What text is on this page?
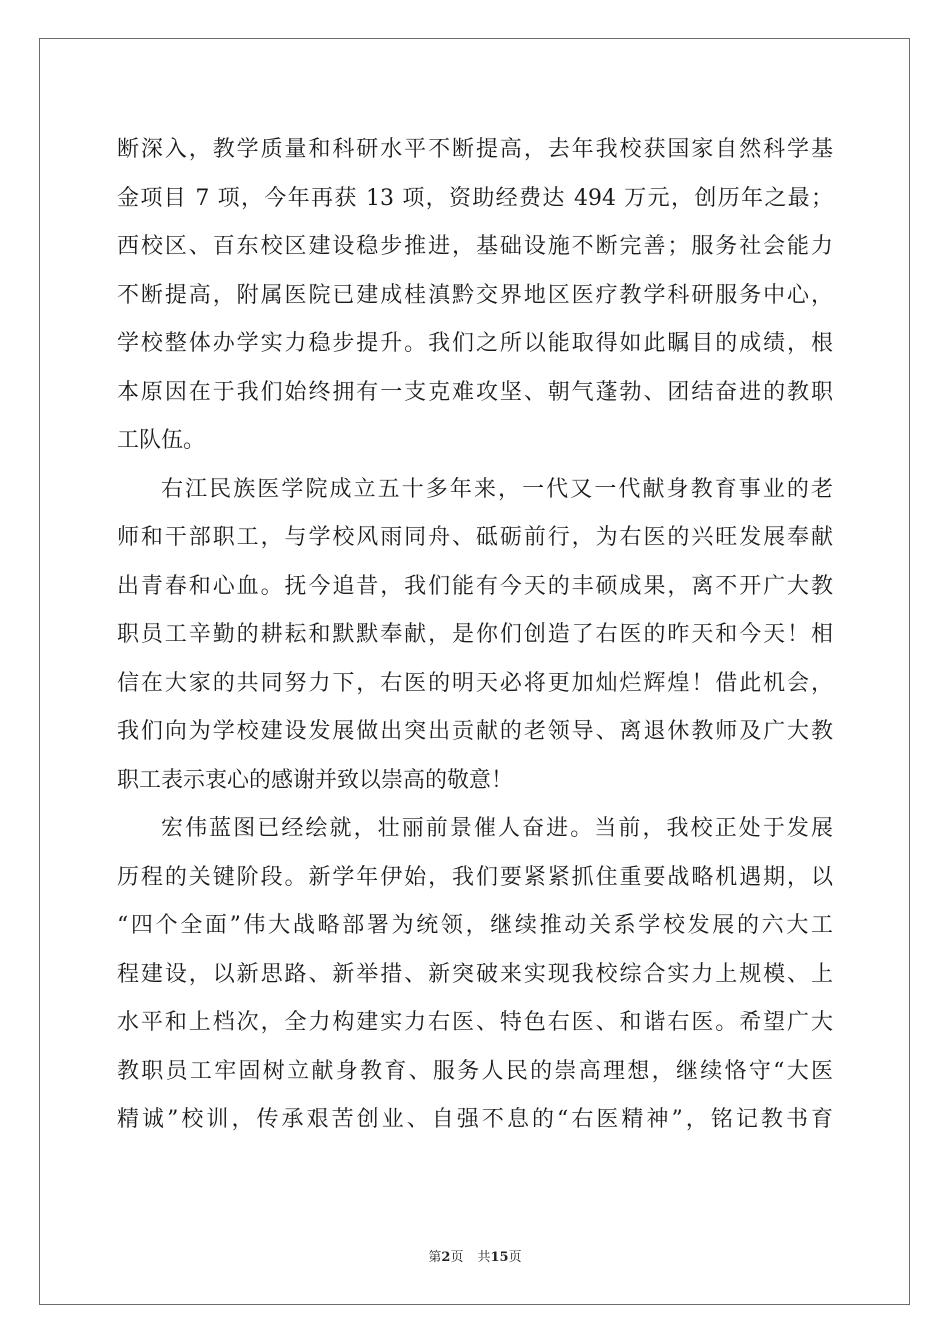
断深入，教学质量和科研水平不断提高，去年我校获国家自然科学基
金项目 7 项，今年再获 13 项，资助经费达 494 万元，创历年之最；
西校区、百东校区建设稳步推进，基础设施不断完善；服务社会能力
不断提高，附属医院已建成桂滇黔交界地区医疗教学科研服务中心，
学校整体办学实力稳步提升。我们之所以能取得如此瞩目的成绩，根
本原因在于我们始终拥有一支克难攻坚、朝气蓬勃、团结奋进的教职
工队伍。
右江民族医学院成立五十多年来，一代又一代献身教育事业的老
师和干部职工，与学校风雨同舟、砥砺前行，为右医的兴旺发展奉献
出青春和心血。抚今追昔，我们能有今天的丰硕成果，离不开广大教
职员工辛勤的耕耘和默默奉献，是你们创造了右医的昨天和今天！相
信在大家的共同努力下，右医的明天必将更加灿烂辉煌！借此机会，
我们向为学校建设发展做出突出贡献的老领导、离退休教师及广大教
职工表示衷心的感谢并致以崇高的敬意！
宏伟蓝图已经绘就，壮丽前景催人奋进。当前，我校正处于发展
历程的关键阶段。新学年伊始，我们要紧紧抓住重要战略机遇期，以
“四个全面”伟大战略部署为统领，继续推动关系学校发展的六大工
程建设，以新思路、新举措、新突破来实现我校综合实力上规模、上
水平和上档次，全力构建实力右医、特色右医、和谐右医。希望广大
教职员工牢固树立献身教育、服务人民的崇高理想，继续恪守“大医
精诚”校训，传承艰苦创业、自强不息的“右医精神”，铭记教书育
第2页 共15页
